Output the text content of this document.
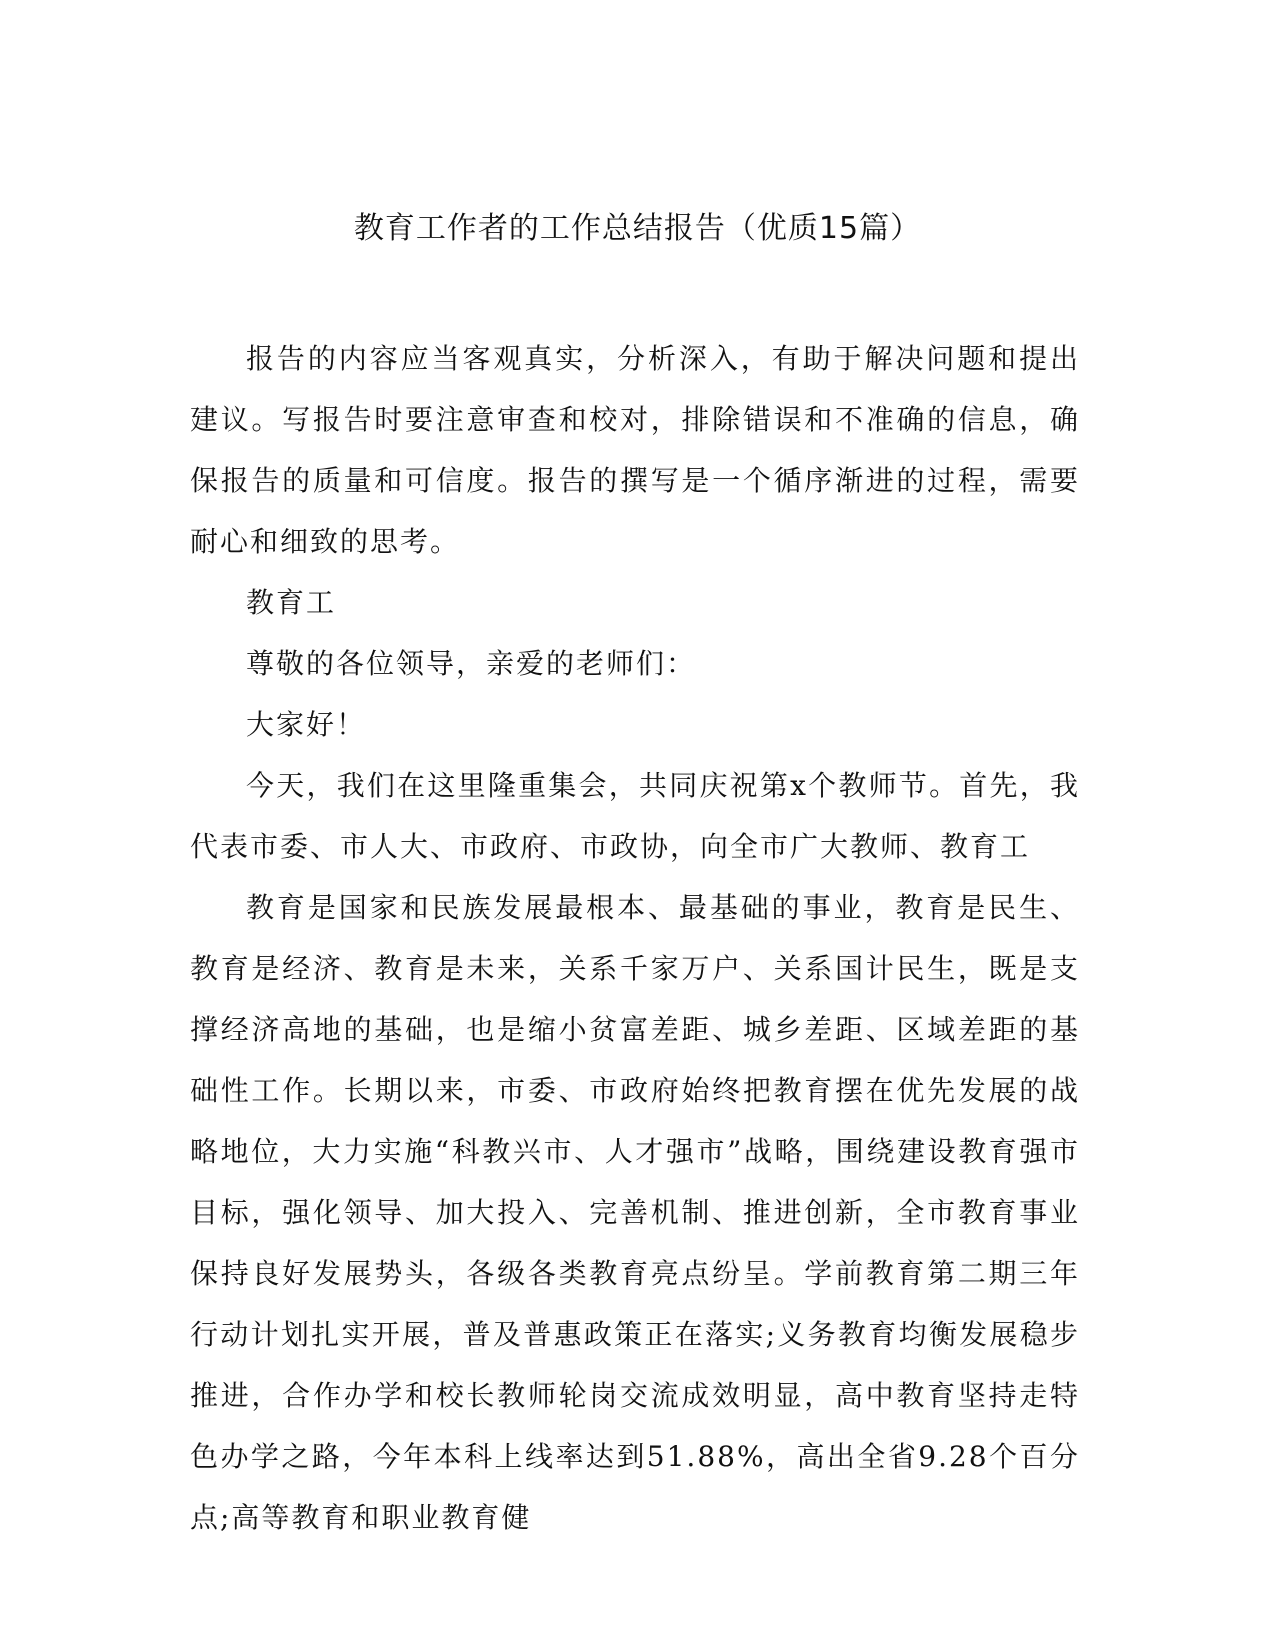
教育工作者的工作总结报告（优质15篇）

报告的内容应当客观真实，分析深入，有助于解决问题和提出建议。写报告时要注意审查和校对，排除错误和不准确的信息，确保报告的质量和可信度。报告的撰写是一个循序渐进的过程，需要耐心和细致的思考。

教育工

尊敬的各位领导，亲爱的老师们：

大家好！

今天，我们在这里隆重集会，共同庆祝第x个教师节。首先，我代表市委、市人大、市政府、市政协，向全市广大教师、教育工

教育是国家和民族发展最根本、最基础的事业，教育是民生、教育是经济、教育是未来，关系千家万户、关系国计民生，既是支撑经济高地的基础，也是缩小贫富差距、城乡差距、区域差距的基础性工作。长期以来，市委、市政府始终把教育摆在优先发展的战略地位，大力实施“科教兴市、人才强市”战略，围绕建设教育强市目标，强化领导、加大投入、完善机制、推进创新，全市教育事业保持良好发展势头，各级各类教育亮点纷呈。学前教育第二期三年行动计划扎实开展，普及普惠政策正在落实;义务教育均衡发展稳步推进，合作办学和校长教师轮岗交流成效明显，高中教育坚持走特色办学之路，今年本科上线率达到51.88%，高出全省9.28个百分点;高等教育和职业教育健
